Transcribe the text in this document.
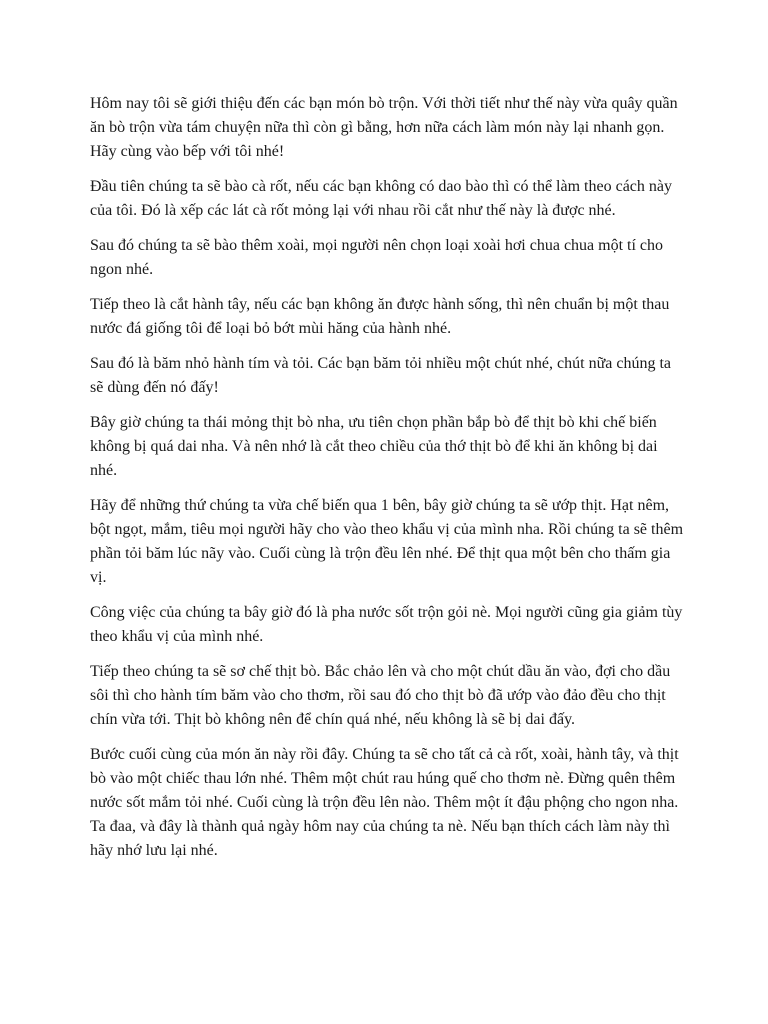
Hôm nay tôi sẽ giới thiệu đến các bạn món bò trộn. Với thời tiết như thế này vừa quây quần ăn bò trộn vừa tám chuyện nữa thì còn gì bằng, hơn nữa cách làm món này lại nhanh gọn. Hãy cùng vào bếp với tôi nhé!

Đầu tiên chúng ta sẽ bào cà rốt, nếu các bạn không có dao bào thì có thể làm theo cách này của tôi. Đó là xếp các lát cà rốt mỏng lại với nhau rồi cắt như thế này là được nhé.

Sau đó chúng ta sẽ bào thêm xoài, mọi người nên chọn loại xoài hơi chua chua một tí cho ngon nhé.

Tiếp theo là cắt hành tây, nếu các bạn không ăn được hành sống, thì nên chuẩn bị một thau nước đá giống tôi để loại bỏ bớt mùi hăng của hành nhé.

Sau đó là băm nhỏ hành tím và tỏi. Các bạn băm tỏi nhiều một chút nhé, chút nữa chúng ta sẽ dùng đến nó đấy!

Bây giờ chúng ta thái mỏng thịt bò nha, ưu tiên chọn phần bắp bò để thịt bò khi chế biến không bị quá dai nha. Và nên nhớ là cắt theo chiều của thớ thịt bò để khi ăn không bị dai nhé.

Hãy để những thứ chúng ta vừa chế biến qua 1 bên, bây giờ chúng ta sẽ ướp thịt. Hạt nêm, bột ngọt, mắm, tiêu mọi người hãy cho vào theo khẩu vị của mình nha. Rồi chúng ta sẽ thêm phần tỏi băm lúc nãy vào. Cuối cùng là trộn đều lên nhé. Để thịt qua một bên cho thấm gia vị.

Công việc của chúng ta bây giờ đó là pha nước sốt trộn gỏi nè. Mọi người cũng gia giảm tùy theo khẩu vị của mình nhé.

Tiếp theo chúng ta sẽ sơ chế thịt bò. Bắc chảo lên và cho một chút dầu ăn vào, đợi cho dầu sôi thì cho hành tím băm vào cho thơm, rồi sau đó cho thịt bò đã ướp vào đảo đều cho thịt chín vừa tới. Thịt bò không nên để chín quá nhé, nếu không là sẽ bị dai đấy.

Bước cuối cùng của món ăn này rồi đây. Chúng ta sẽ cho tất cả cà rốt, xoài, hành tây, và thịt bò vào một chiếc thau lớn nhé. Thêm một chút rau húng quế cho thơm nè. Đừng quên thêm nước sốt mắm tỏi nhé. Cuối cùng là trộn đều lên nào. Thêm một ít đậu phộng cho ngon nha. Ta đaa, và đây là thành quả ngày hôm nay của chúng ta nè. Nếu bạn thích cách làm này thì hãy nhớ lưu lại nhé.
